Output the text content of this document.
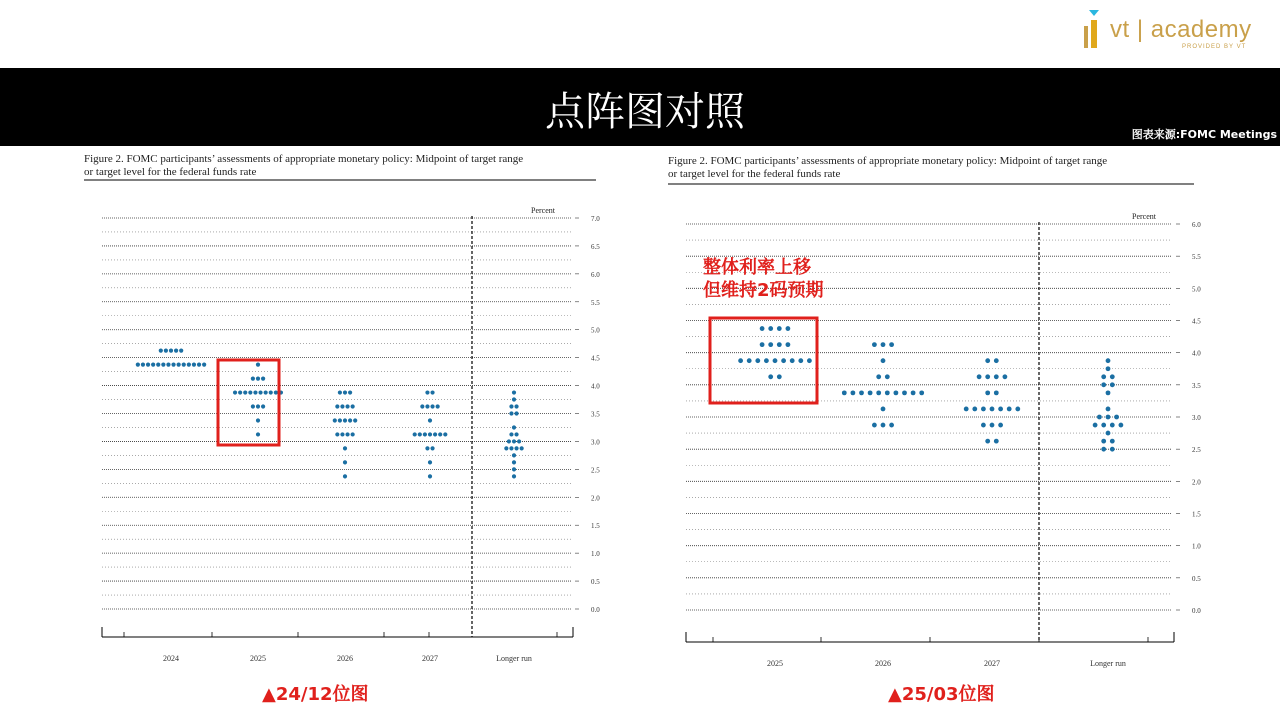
vt | academy
PROVIDED BY VT
点阵图对照	图表来源:FOMC Meetings
Figure 2. FOMC participants’ assessments of appropriate monetary policy: Midpoint of target range
or target level for the federal funds rate
Percent
0.0
0.5
1.0
1.5
2.0
2.5
3.0
3.5
4.0
4.5
5.0
5.5
6.0
6.5
7.0
2024	2025	2026	2027	Longer run
▲24/12位图
Figure 2. FOMC participants’ assessments of appropriate monetary policy: Midpoint of target range
or target level for the federal funds rate
Percent
0.0
0.5
1.0
1.5
2.0
2.5
3.0
3.5
4.0
4.5
5.0
5.5
6.0
2025	2026	2027	Longer run
▲25/03位图
整体利率上移
但维持2码预期
